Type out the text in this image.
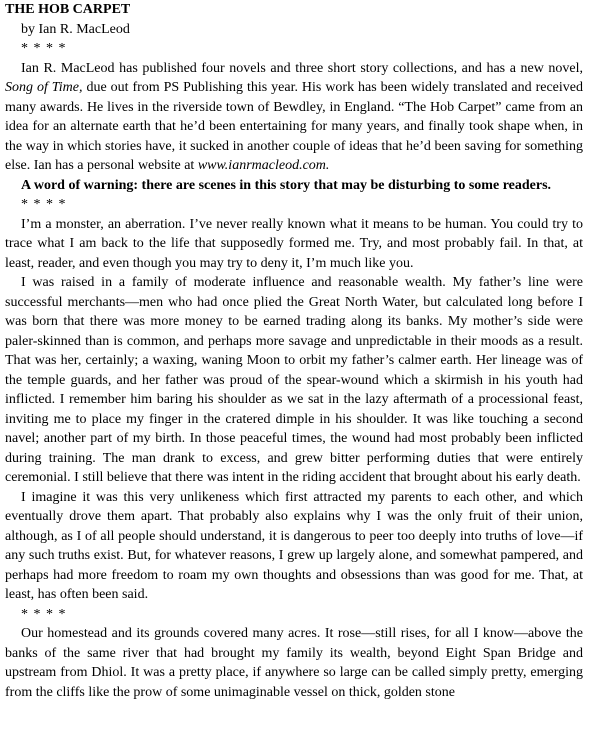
THE HOB CARPET
by Ian R. MacLeod
* * * *

Ian R. MacLeod has published four novels and three short story collections, and has a new novel, Song of Time, due out from PS Publishing this year. His work has been widely translated and received many awards. He lives in the riverside town of Bewdley, in England. “The Hob Carpet” came from an idea for an alternate earth that he’d been entertaining for many years, and finally took shape when, in the way in which stories have, it sucked in another couple of ideas that he’d been saving for something else. Ian has a personal website at www.ianrmacleod.com.

A word of warning: there are scenes in this story that may be disturbing to some readers.

* * * *

I’m a monster, an aberration. I’ve never really known what it means to be human. You could try to trace what I am back to the life that supposedly formed me. Try, and most probably fail. In that, at least, reader, and even though you may try to deny it, I’m much like you.

I was raised in a family of moderate influence and reasonable wealth. My father’s line were successful merchants—men who had once plied the Great North Water, but calculated long before I was born that there was more money to be earned trading along its banks. My mother’s side were paler-skinned than is common, and perhaps more savage and unpredictable in their moods as a result. That was her, certainly; a waxing, waning Moon to orbit my father’s calmer earth. Her lineage was of the temple guards, and her father was proud of the spear-wound which a skirmish in his youth had inflicted. I remember him baring his shoulder as we sat in the lazy aftermath of a processional feast, inviting me to place my finger in the cratered dimple in his shoulder. It was like touching a second navel; another part of my birth. In those peaceful times, the wound had most probably been inflicted during training. The man drank to excess, and grew bitter performing duties that were entirely ceremonial. I still believe that there was intent in the riding accident that brought about his early death.

I imagine it was this very unlikeness which first attracted my parents to each other, and which eventually drove them apart. That probably also explains why I was the only fruit of their union, although, as I of all people should understand, it is dangerous to peer too deeply into truths of love—if any such truths exist. But, for whatever reasons, I grew up largely alone, and somewhat pampered, and perhaps had more freedom to roam my own thoughts and obsessions than was good for me. That, at least, has often been said.

* * * *

Our homestead and its grounds covered many acres. It rose—still rises, for all I know—above the banks of the same river that had brought my family its wealth, beyond Eight Span Bridge and upstream from Dhiol. It was a pretty place, if anywhere so large can be called simply pretty, emerging from the cliffs like the prow of some unimaginable vessel on thick, golden stone
